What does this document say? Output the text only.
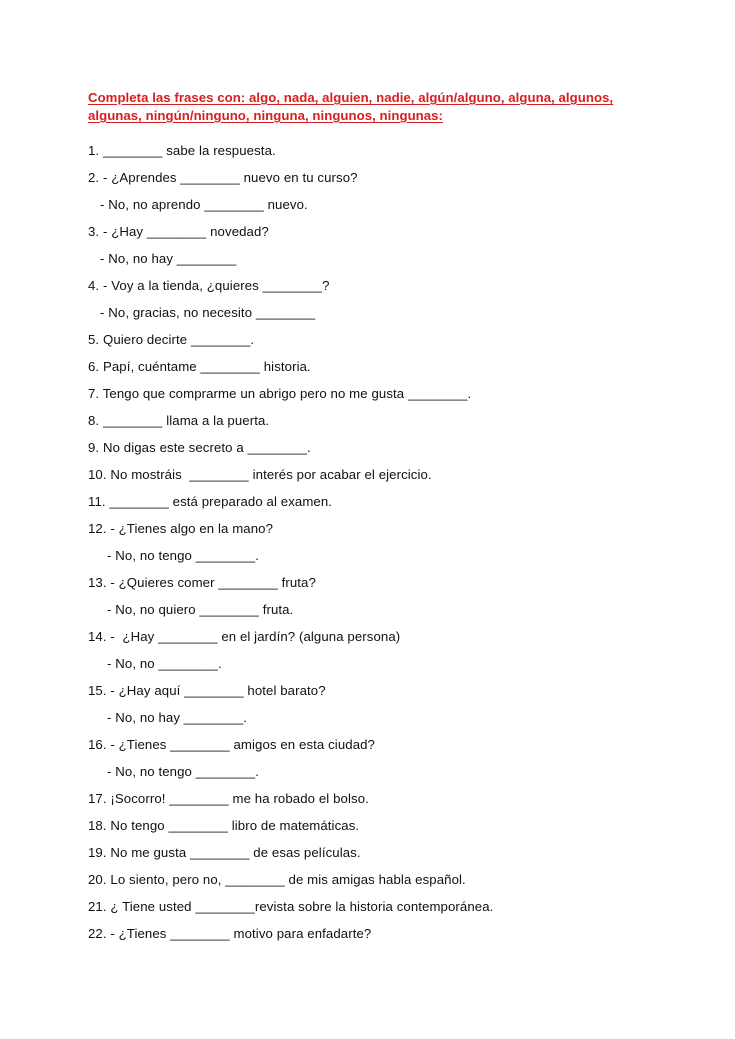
Completa las frases con: algo, nada, alguien, nadie, algún/alguno, alguna, algunos,
algunas, ningún/ninguno, ninguna, ningunos, ningunas:
1. ________ sabe la respuesta.
2. - ¿Aprendes ________ nuevo en tu curso?
- No, no aprendo ________ nuevo.
3. - ¿Hay ________ novedad?
- No, no hay ________
4. - Voy a la tienda, ¿quieres ________?
- No, gracias, no necesito ________
5. Quiero decirte ________.
6. Papí, cuéntame ________ historia.
7. Tengo que comprarme un abrigo pero no me gusta ________.
8. ________ llama a la puerta.
9. No digas este secreto a ________.
10. No mostráis  ________ interés por acabar el ejercicio.
11. ________ está preparado al examen.
12. - ¿Tienes algo en la mano?
- No, no tengo ________.
13. - ¿Quieres comer ________ fruta?
- No, no quiero ________ fruta.
14. -  ¿Hay ________ en el jardín? (alguna persona)
- No, no ________.
15. - ¿Hay aquí ________ hotel barato?
- No, no hay ________.
16. - ¿Tienes ________ amigos en esta ciudad?
- No, no tengo ________.
17. ¡Socorro! ________ me ha robado el bolso.
18. No tengo ________ libro de matemáticas.
19. No me gusta ________ de esas películas.
20. Lo siento, pero no, ________ de mis amigas habla español.
21. ¿ Tiene usted ________revista sobre la historia contemporánea.
22. - ¿Tienes ________ motivo para enfadarte?
